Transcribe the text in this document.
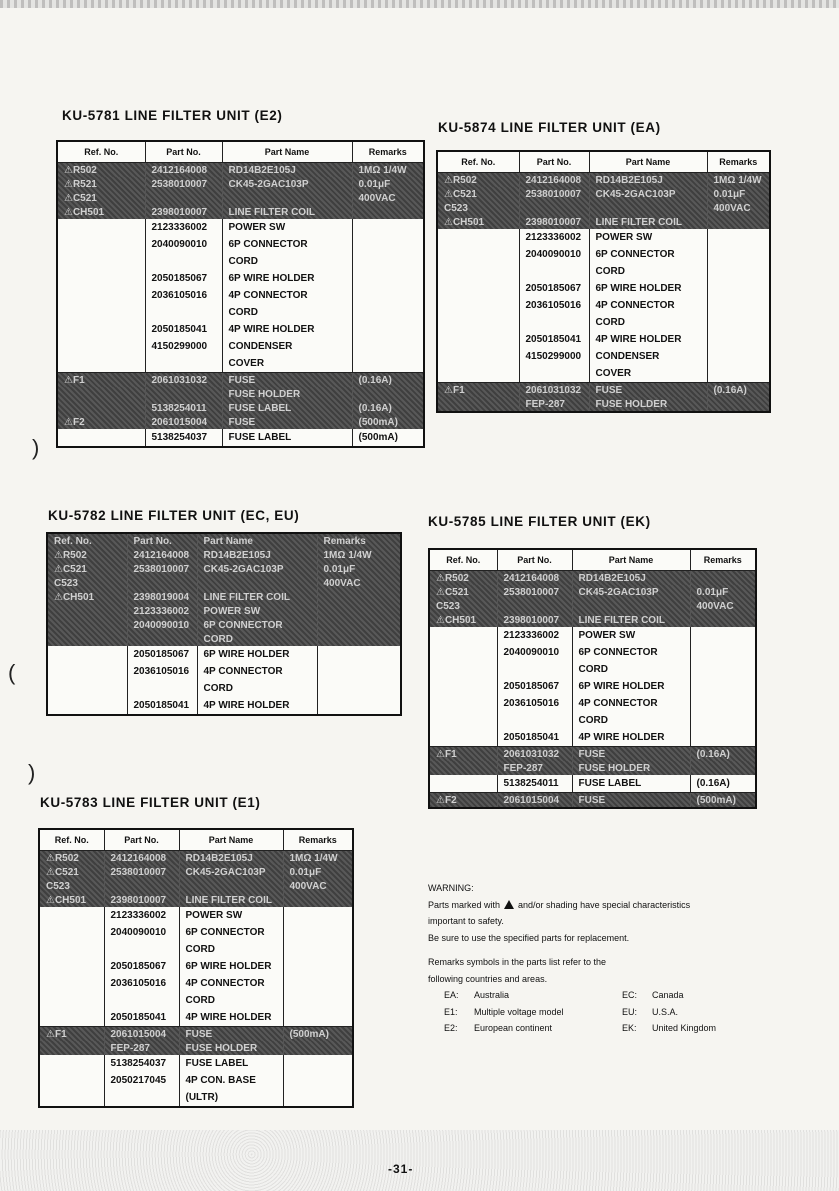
KU-5781 LINE FILTER UNIT (E2)
KU-5874 LINE FILTER UNIT (EA)
KU-5782 LINE FILTER UNIT (EC, EU)	KU-5785 LINE FILTER UNIT (EK)
KU-5783 LINE FILTER UNIT (E1)
Ref. No.	Part No.	Part Name	Remarks
⚠R502	2412164008	RD14B2E105J	1MΩ 1/4W
⚠R521	2538010007	CK45-2GAC103P	0.01μF
⚠C521			400VAC
⚠CH501	2398010007	LINE FILTER COIL	
	2123336002	POWER SW	
	2040090010	6P CONNECTOR	
		CORD	
	2050185067	6P WIRE HOLDER	
	2036105016	4P CONNECTOR	
		CORD	
	2050185041	4P WIRE HOLDER	
	4150299000	CONDENSER	
		COVER	
⚠F1	2061031032	FUSE	(0.16A)
		FUSE HOLDER	
	5138254011	FUSE LABEL	(0.16A)
⚠F2	2061015004	FUSE	(500mA)
	5138254037	FUSE LABEL	(500mA)
Ref. No.	Part No.	Part Name	Remarks
⚠R502	2412164008	RD14B2E105J	1MΩ 1/4W
⚠C521	2538010007	CK45-2GAC103P	0.01μF
C523			400VAC
⚠CH501	2398010007	LINE FILTER COIL	
	2123336002	POWER SW	
	2040090010	6P CONNECTOR	
		CORD	
	2050185067	6P WIRE HOLDER	
	2036105016	4P CONNECTOR	
		CORD	
	2050185041	4P WIRE HOLDER	
	4150299000	CONDENSER	
		COVER	
⚠F1	2061031032	FUSE	(0.16A)
	FEP-287	FUSE HOLDER	
Ref. No.	Part No.	Part Name	Remarks
⚠R502	2412164008	RD14B2E105J	1MΩ 1/4W
⚠C521	2538010007	CK45-2GAC103P	0.01μF
C523			400VAC
⚠CH501	2398019004	LINE FILTER COIL	
	2123336002	POWER SW	
	2040090010	6P CONNECTOR	
		CORD	
	2050185067	6P WIRE HOLDER	
	2036105016	4P CONNECTOR	
		CORD	
	2050185041	4P WIRE HOLDER	
Ref. No.	Part No.	Part Name	Remarks
⚠R502	2412164008	RD14B2E105J	
⚠C521	2538010007	CK45-2GAC103P	0.01μF
C523			400VAC
⚠CH501	2398010007	LINE FILTER COIL	
	2123336002	POWER SW	
	2040090010	6P CONNECTOR	
		CORD	
	2050185067	6P WIRE HOLDER	
	2036105016	4P CONNECTOR	
		CORD	
	2050185041	4P WIRE HOLDER	
⚠F1	2061031032	FUSE	(0.16A)
	FEP-287	FUSE HOLDER	
	5138254011	FUSE LABEL	(0.16A)
⚠F2	2061015004	FUSE	(500mA)
Ref. No.	Part No.	Part Name	Remarks
⚠R502	2412164008	RD14B2E105J	1MΩ 1/4W
⚠C521	2538010007	CK45-2GAC103P	0.01μF
C523			400VAC
⚠CH501	2398010007	LINE FILTER COIL	
	2123336002	POWER SW	
	2040090010	6P CONNECTOR	
		CORD	
	2050185067	6P WIRE HOLDER	
	2036105016	4P CONNECTOR	
		CORD	
	2050185041	4P WIRE HOLDER	
⚠F1	2061015004	FUSE	(500mA)
	FEP-287	FUSE HOLDER	
	5138254037	FUSE LABEL	
	2050217045	4P CON. BASE	
		(ULTR)	
WARNING:
Parts marked with and/or shading have special characteristics
important to safety.
Be sure to use the specified parts for replacement.
Remarks symbols in the parts list refer to the
following countries and areas.
EA:	Australia	EC:	Canada
E1:	Multiple voltage model	EU:	U.S.A.
E2:	European continent	EK:	United Kingdom
-31-
)
)
(
